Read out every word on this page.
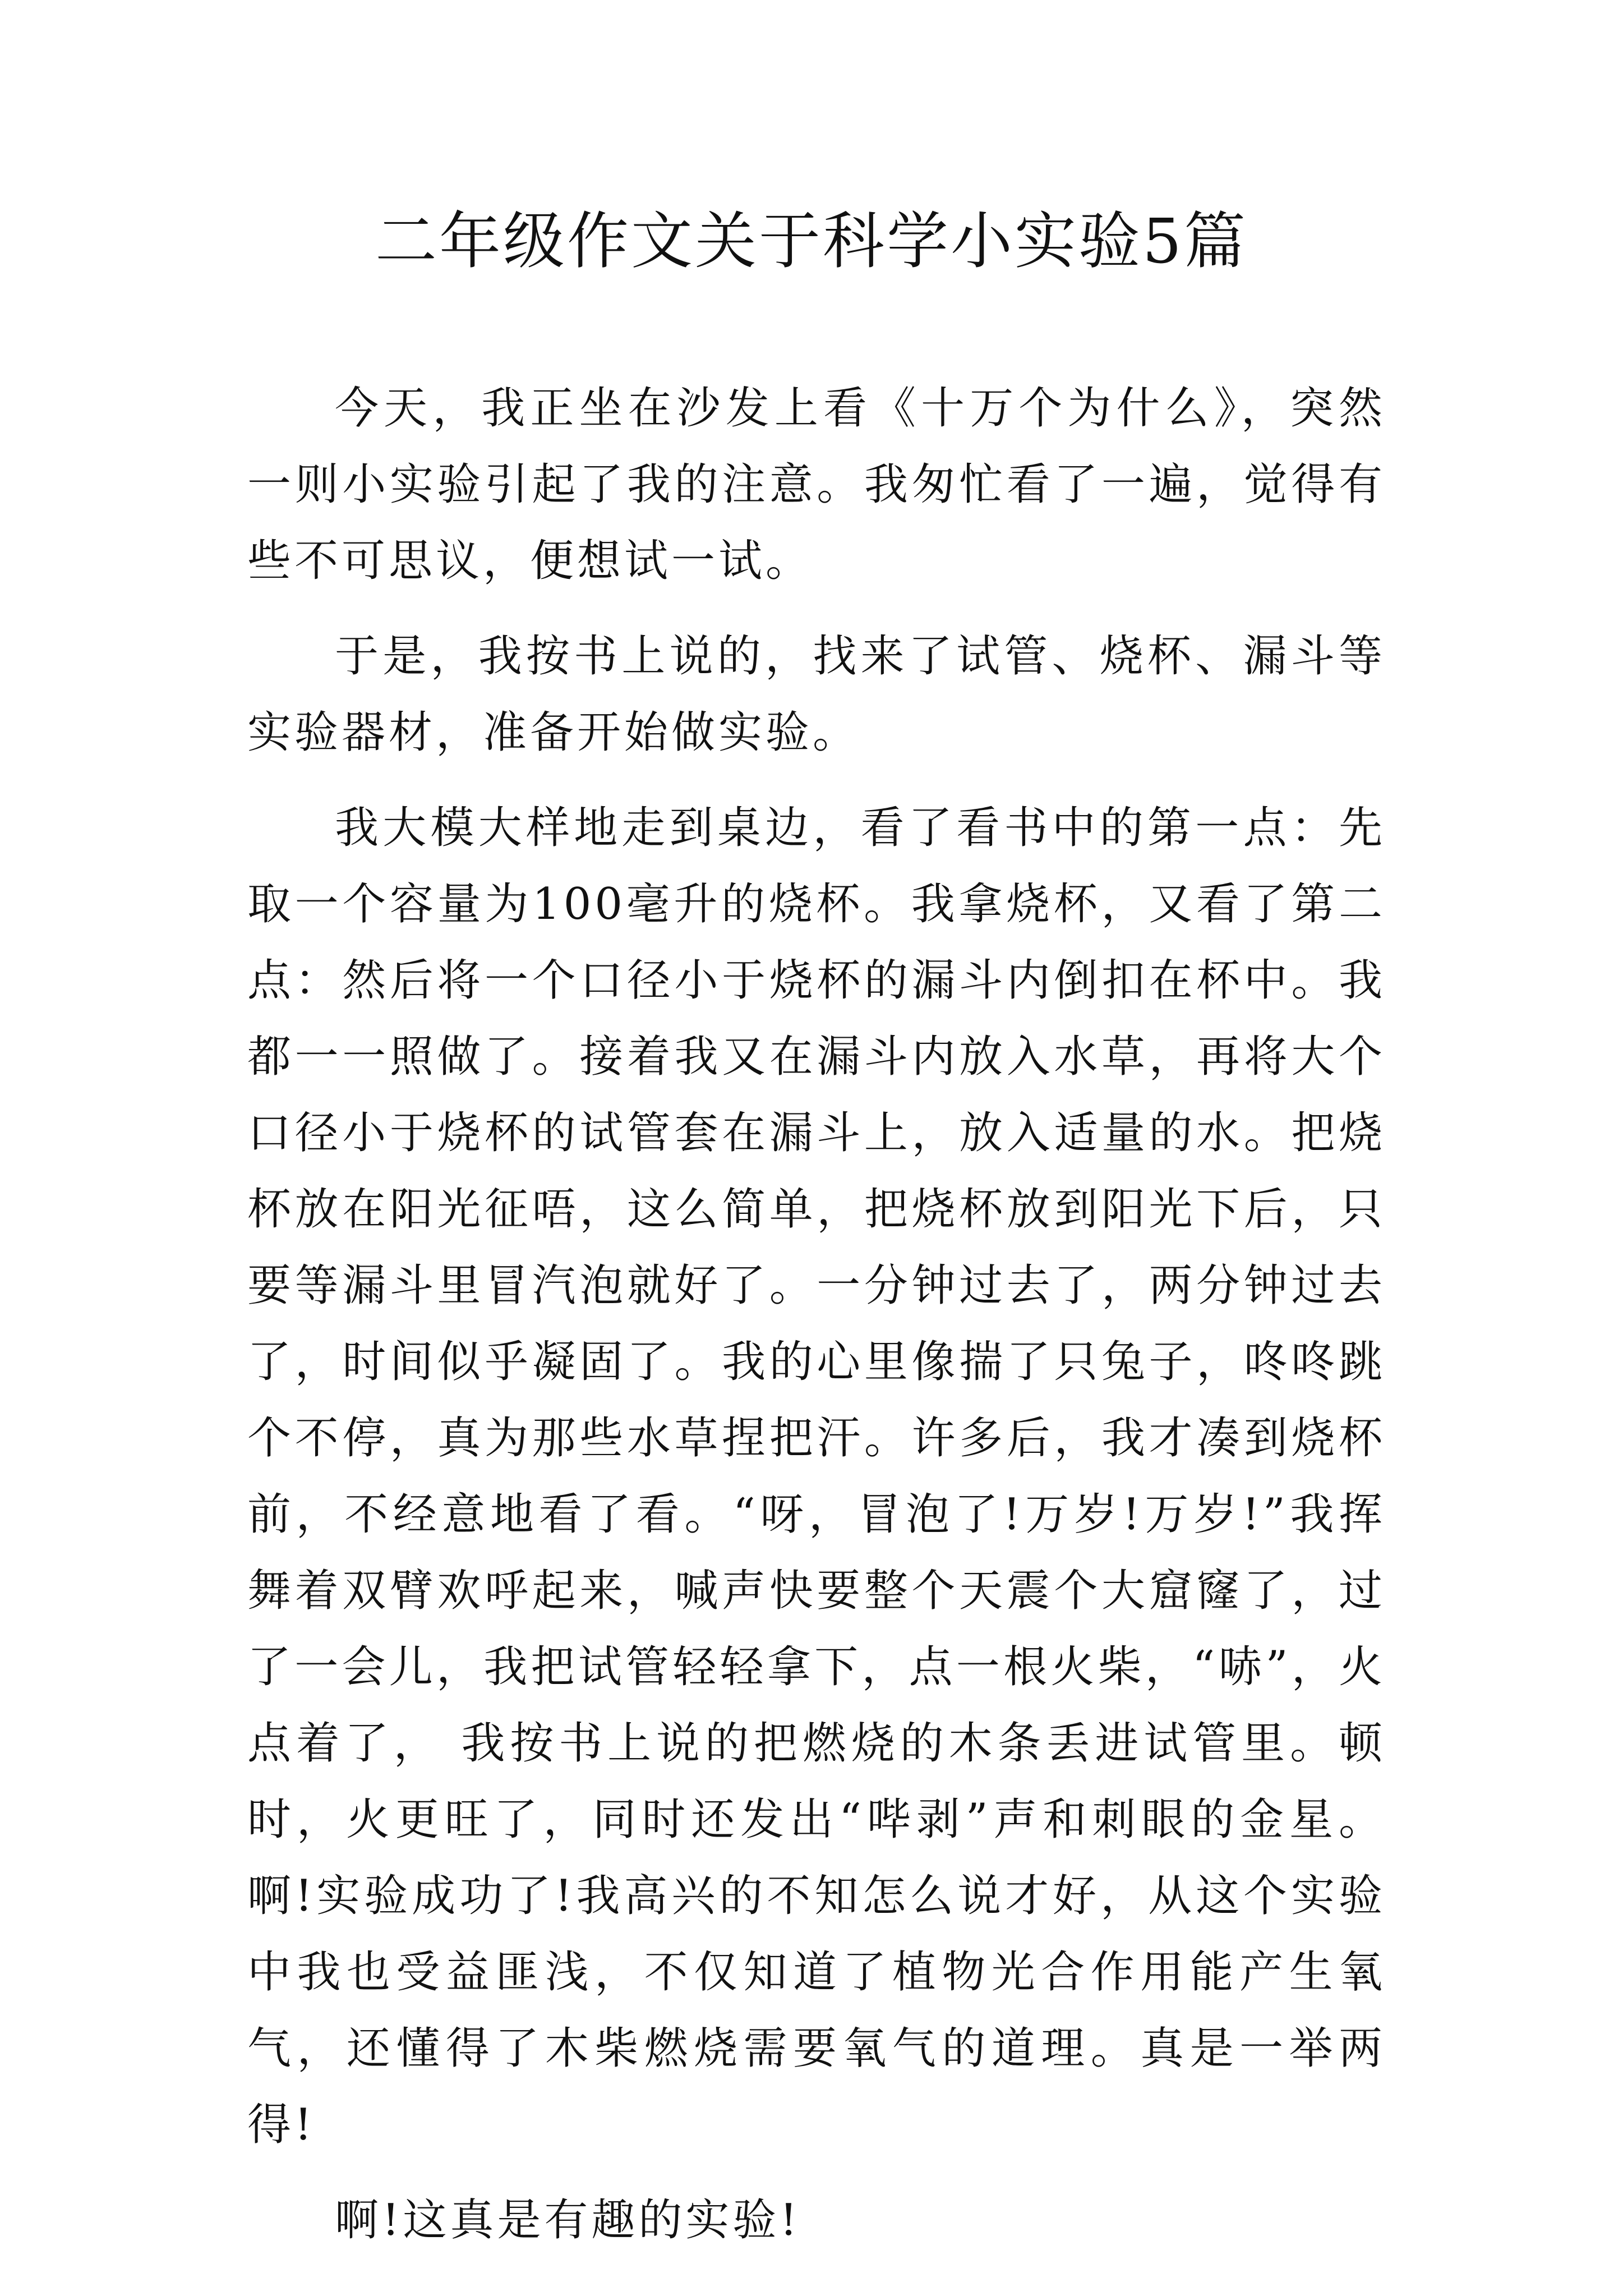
二年级作文关于科学小实验5篇

今天，我正坐在沙发上看《十万个为什么》，突然一则小实验引起了我的注意。我匆忙看了一遍，觉得有些不可思议，便想试一试。

于是，我按书上说的，找来了试管、烧杯、漏斗等实验器材，准备开始做实验。

我大模大样地走到桌边，看了看书中的第一点：先取一个容量为100毫升的烧杯。我拿烧杯，又看了第二点：然后将一个口径小于烧杯的漏斗内倒扣在杯中。我都一一照做了。接着我又在漏斗内放入水草，再将大个口径小于烧杯的试管套在漏斗上，放入适量的水。把烧杯放在阳光征唔，这么简单，把烧杯放到阳光下后，只要等漏斗里冒汽泡就好了。一分钟过去了，两分钟过去了，时间似乎凝固了。我的心里像揣了只兔子，咚咚跳个不停，真为那些水草捏把汗。许多后，我才凑到烧杯前，不经意地看了看。“呀，冒泡了!万岁!万岁!”我挥舞着双臂欢呼起来，喊声快要整个天震个大窟窿了，过了一会儿，我把试管轻轻拿下，点一根火柴，“哧”，火点着了， 我按书上说的把燃烧的木条丢进试管里。顿时，火更旺了，同时还发出“哔剥”声和刺眼的金星。啊!实验成功了!我高兴的不知怎么说才好，从这个实验中我也受益匪浅，不仅知道了植物光合作用能产生氧气，还懂得了木柴燃烧需要氧气的道理。真是一举两得!

啊!这真是有趣的实验!
